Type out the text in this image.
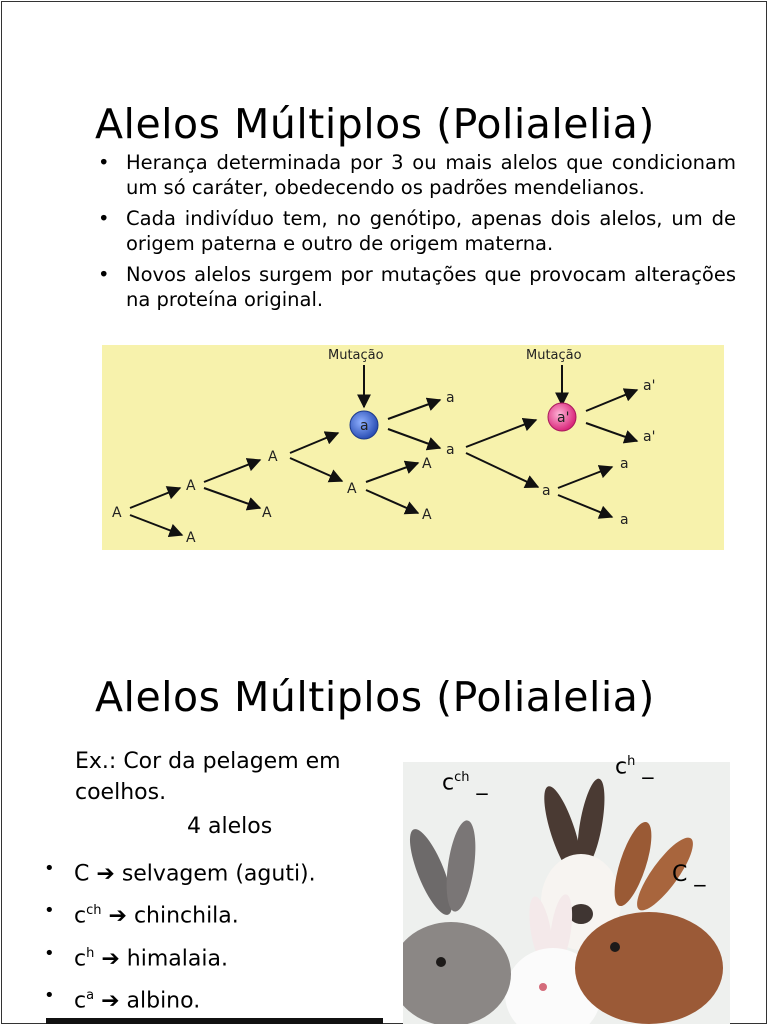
Alelos Múltiplos (Polialelia)
• Herança determinada por 3 ou mais alelos que condicionam um só caráter, obedecendo os padrões mendelianos.
• Cada indivíduo tem, no genótipo, apenas dois alelos, um de origem paterna e outro de origem materna.
• Novos alelos surgem por mutações que provocam alterações na proteína original.
Mutação	Mutação
a	a'
A
A
A
A
A
A
A
A
a
a
a
a
a
a'
a'
Alelos Múltiplos (Polialelia)
Ex.: Cor da pelagem em coelhos.
4 alelos
• C ➔ selvagem (aguti).
• $c^{ch}$ ➔ chinchila.
• $c^h$ ➔ himalaia.
• $c^a$ ➔ albino.
$c^{ch}$ _
$c^h$ _
C _
